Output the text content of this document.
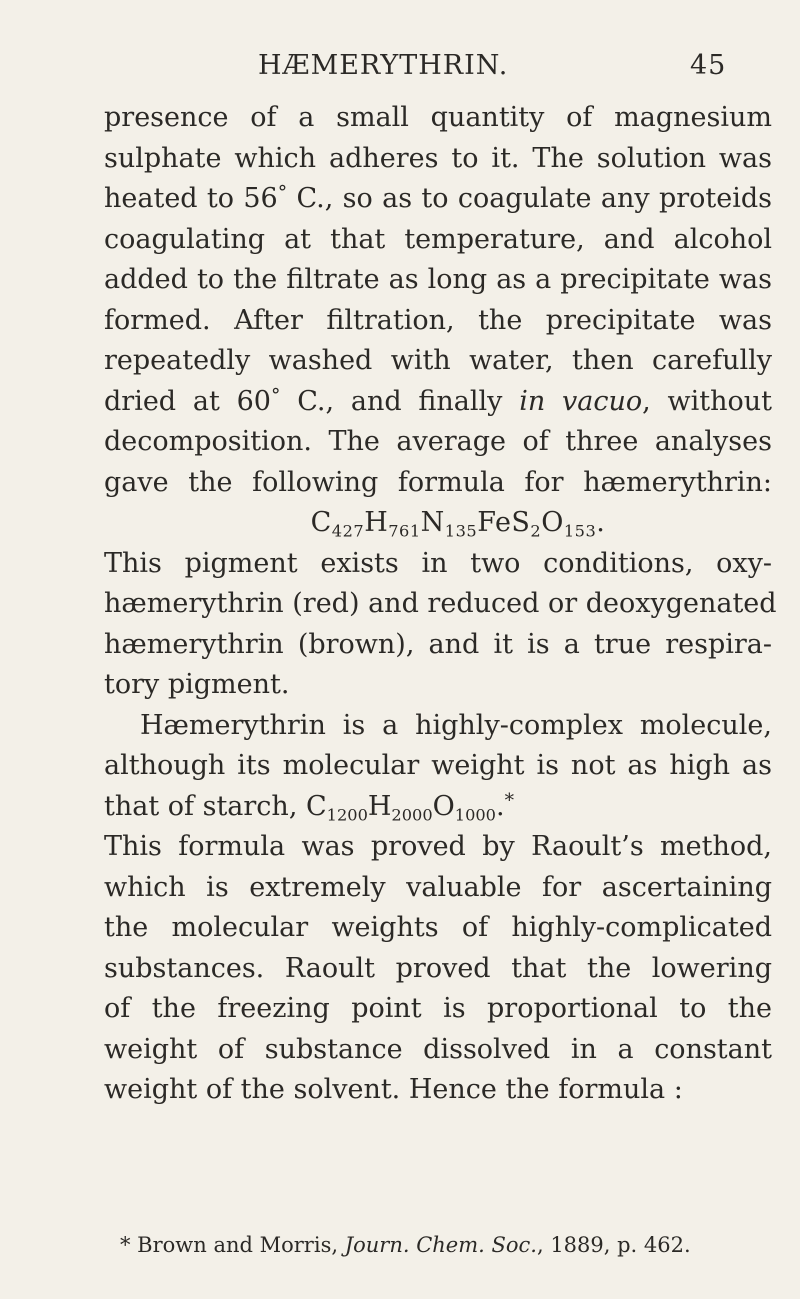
HÆMERYTHRIN.	45
presence of a small quantity of magnesium
sulphate which adheres to it. The solution was
heated to 56° C., so as to coagulate any proteids
coagulating at that temperature, and alcohol
added to the filtrate as long as a precipitate was
formed. After filtration, the precipitate was
repeatedly washed with water, then carefully
dried at 60° C., and finally in vacuo, without
decomposition. The average of three analyses
gave the following formula for hæmerythrin:
$C_{427}H_{761}N_{135}FeS_2O_{153}$.
This pigment exists in two conditions, oxy-
hæmerythrin (red) and reduced or deoxygenated
hæmerythrin (brown), and it is a true respira-
tory pigment.
Hæmerythrin is a highly-complex molecule,
although its molecular weight is not as high as
that of starch, $C_{1200}H_{2000}O_{1000}.^*$
This formula was proved by Raoult’s method,
which is extremely valuable for ascertaining
the molecular weights of highly-complicated
substances. Raoult proved that the lowering
of the freezing point is proportional to the
weight of substance dissolved in a constant
weight of the solvent. Hence the formula :
* Brown and Morris, Journ. Chem. Soc., 1889, p. 462.
